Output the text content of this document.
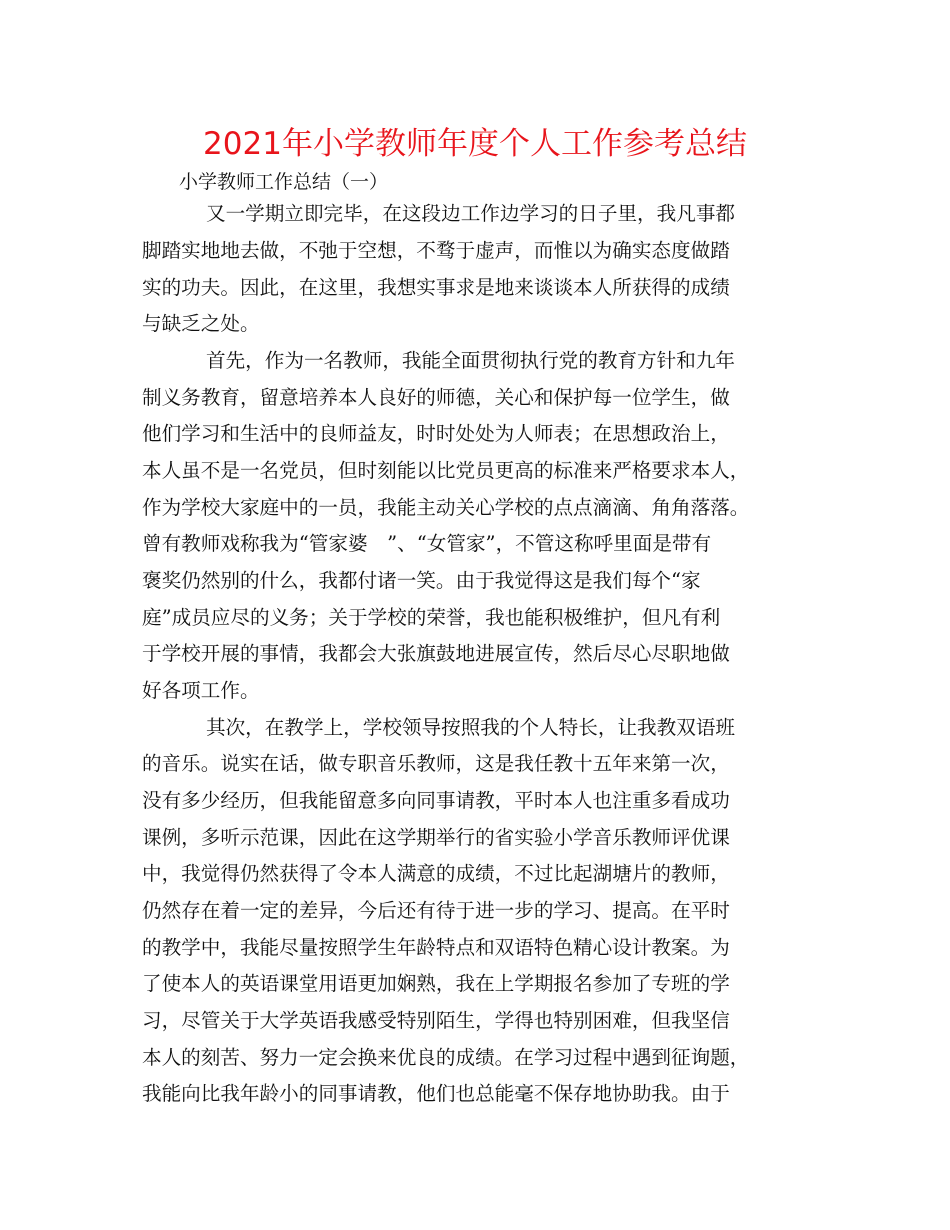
2021年小学教师年度个人工作参考总结
小学教师工作总结（一）
又一学期立即完毕，在这段边工作边学习的日子里，我凡事都
脚踏实地地去做，不弛于空想，不骛于虚声，而惟以为确实态度做踏
实的功夫。因此，在这里，我想实事求是地来谈谈本人所获得的成绩
与缺乏之处。
首先，作为一名教师，我能全面贯彻执行党的教育方针和九年
制义务教育，留意培养本人良好的师德，关心和保护每一位学生，做
他们学习和生活中的良师益友，时时处处为人师表；在思想政治上，
本人虽不是一名党员，但时刻能以比党员更高的标准来严格要求本人，
作为学校大家庭中的一员，我能主动关心学校的点点滴滴、角角落落。
曾有教师戏称我为“管家婆　”、“女管家”，不管这称呼里面是带有
褒奖仍然别的什么，我都付诸一笑。由于我觉得这是我们每个“家
庭”成员应尽的义务；关于学校的荣誉，我也能积极维护，但凡有利
于学校开展的事情，我都会大张旗鼓地进展宣传，然后尽心尽职地做
好各项工作。
其次，在教学上，学校领导按照我的个人特长，让我教双语班
的音乐。说实在话，做专职音乐教师，这是我任教十五年来第一次，
没有多少经历，但我能留意多向同事请教，平时本人也注重多看成功
课例，多听示范课，因此在这学期举行的省实验小学音乐教师评优课
中，我觉得仍然获得了令本人满意的成绩，不过比起湖塘片的教师，
仍然存在着一定的差异，今后还有待于进一步的学习、提高。在平时
的教学中，我能尽量按照学生年龄特点和双语特色精心设计教案。为
了使本人的英语课堂用语更加娴熟，我在上学期报名参加了专班的学
习，尽管关于大学英语我感受特别陌生，学得也特别困难，但我坚信
本人的刻苦、努力一定会换来优良的成绩。在学习过程中遇到征询题，
我能向比我年龄小的同事请教，他们也总能毫不保存地协助我。由于
